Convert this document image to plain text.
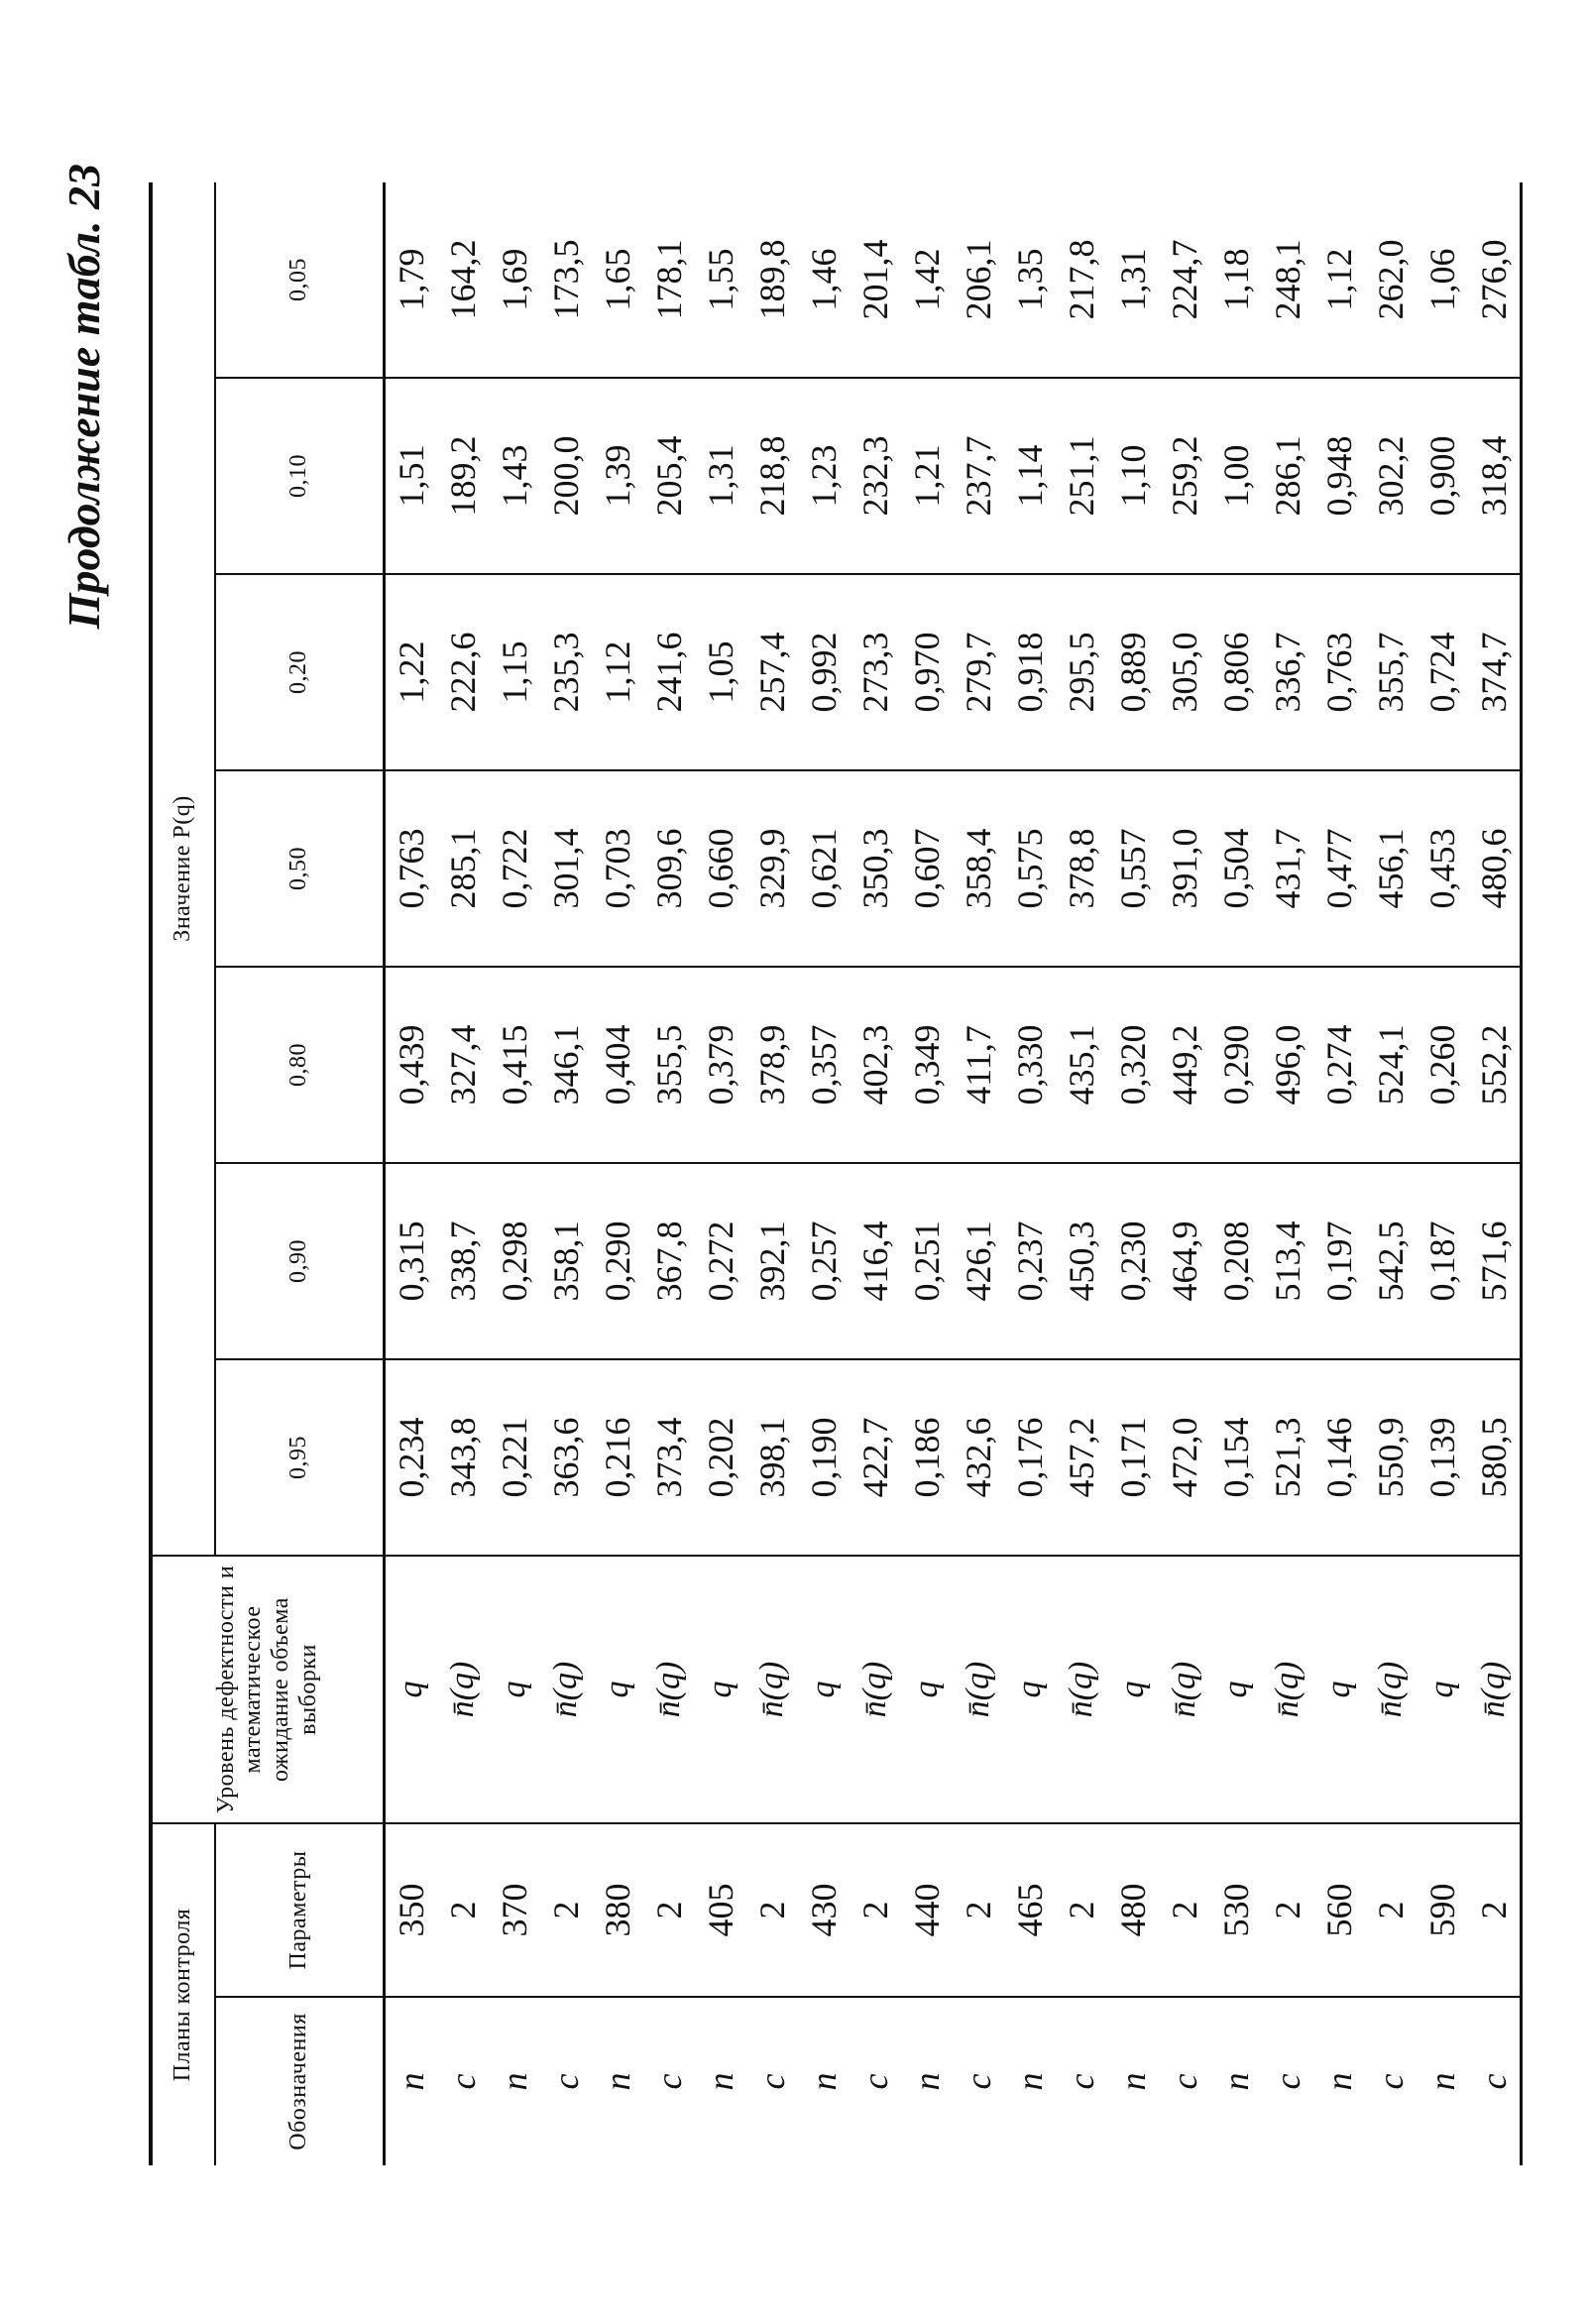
Продолжение табл. 23
Планы контроля		Уровень дефектности и математическое ожидание объема выборки	Значение P(q)						
Обозначения	Параметры		0,95	0,90	0,80	0,50	0,20	0,10	0,05
n	350	q	0,234	0,315	0,439	0,763	1,22	1,51	1,79
c	2	n̄(q)	343,8	338,7	327,4	285,1	222,6	189,2	164,2
n	370	q	0,221	0,298	0,415	0,722	1,15	1,43	1,69
c	2	n̄(q)	363,6	358,1	346,1	301,4	235,3	200,0	173,5
n	380	q	0,216	0,290	0,404	0,703	1,12	1,39	1,65
c	2	n̄(q)	373,4	367,8	355,5	309,6	241,6	205,4	178,1
n	405	q	0,202	0,272	0,379	0,660	1,05	1,31	1,55
c	2	n̄(q)	398,1	392,1	378,9	329,9	257,4	218,8	189,8
n	430	q	0,190	0,257	0,357	0,621	0,992	1,23	1,46
c	2	n̄(q)	422,7	416,4	402,3	350,3	273,3	232,3	201,4
n	440	q	0,186	0,251	0,349	0,607	0,970	1,21	1,42
c	2	n̄(q)	432,6	426,1	411,7	358,4	279,7	237,7	206,1
n	465	q	0,176	0,237	0,330	0,575	0,918	1,14	1,35
c	2	n̄(q)	457,2	450,3	435,1	378,8	295,5	251,1	217,8
n	480	q	0,171	0,230	0,320	0,557	0,889	1,10	1,31
c	2	n̄(q)	472,0	464,9	449,2	391,0	305,0	259,2	224,7
n	530	q	0,154	0,208	0,290	0,504	0,806	1,00	1,18
c	2	n̄(q)	521,3	513,4	496,0	431,7	336,7	286,1	248,1
n	560	q	0,146	0,197	0,274	0,477	0,763	0,948	1,12
c	2	n̄(q)	550,9	542,5	524,1	456,1	355,7	302,2	262,0
n	590	q	0,139	0,187	0,260	0,453	0,724	0,900	1,06
c	2	n̄(q)	580,5	571,6	552,2	480,6	374,7	318,4	276,0
